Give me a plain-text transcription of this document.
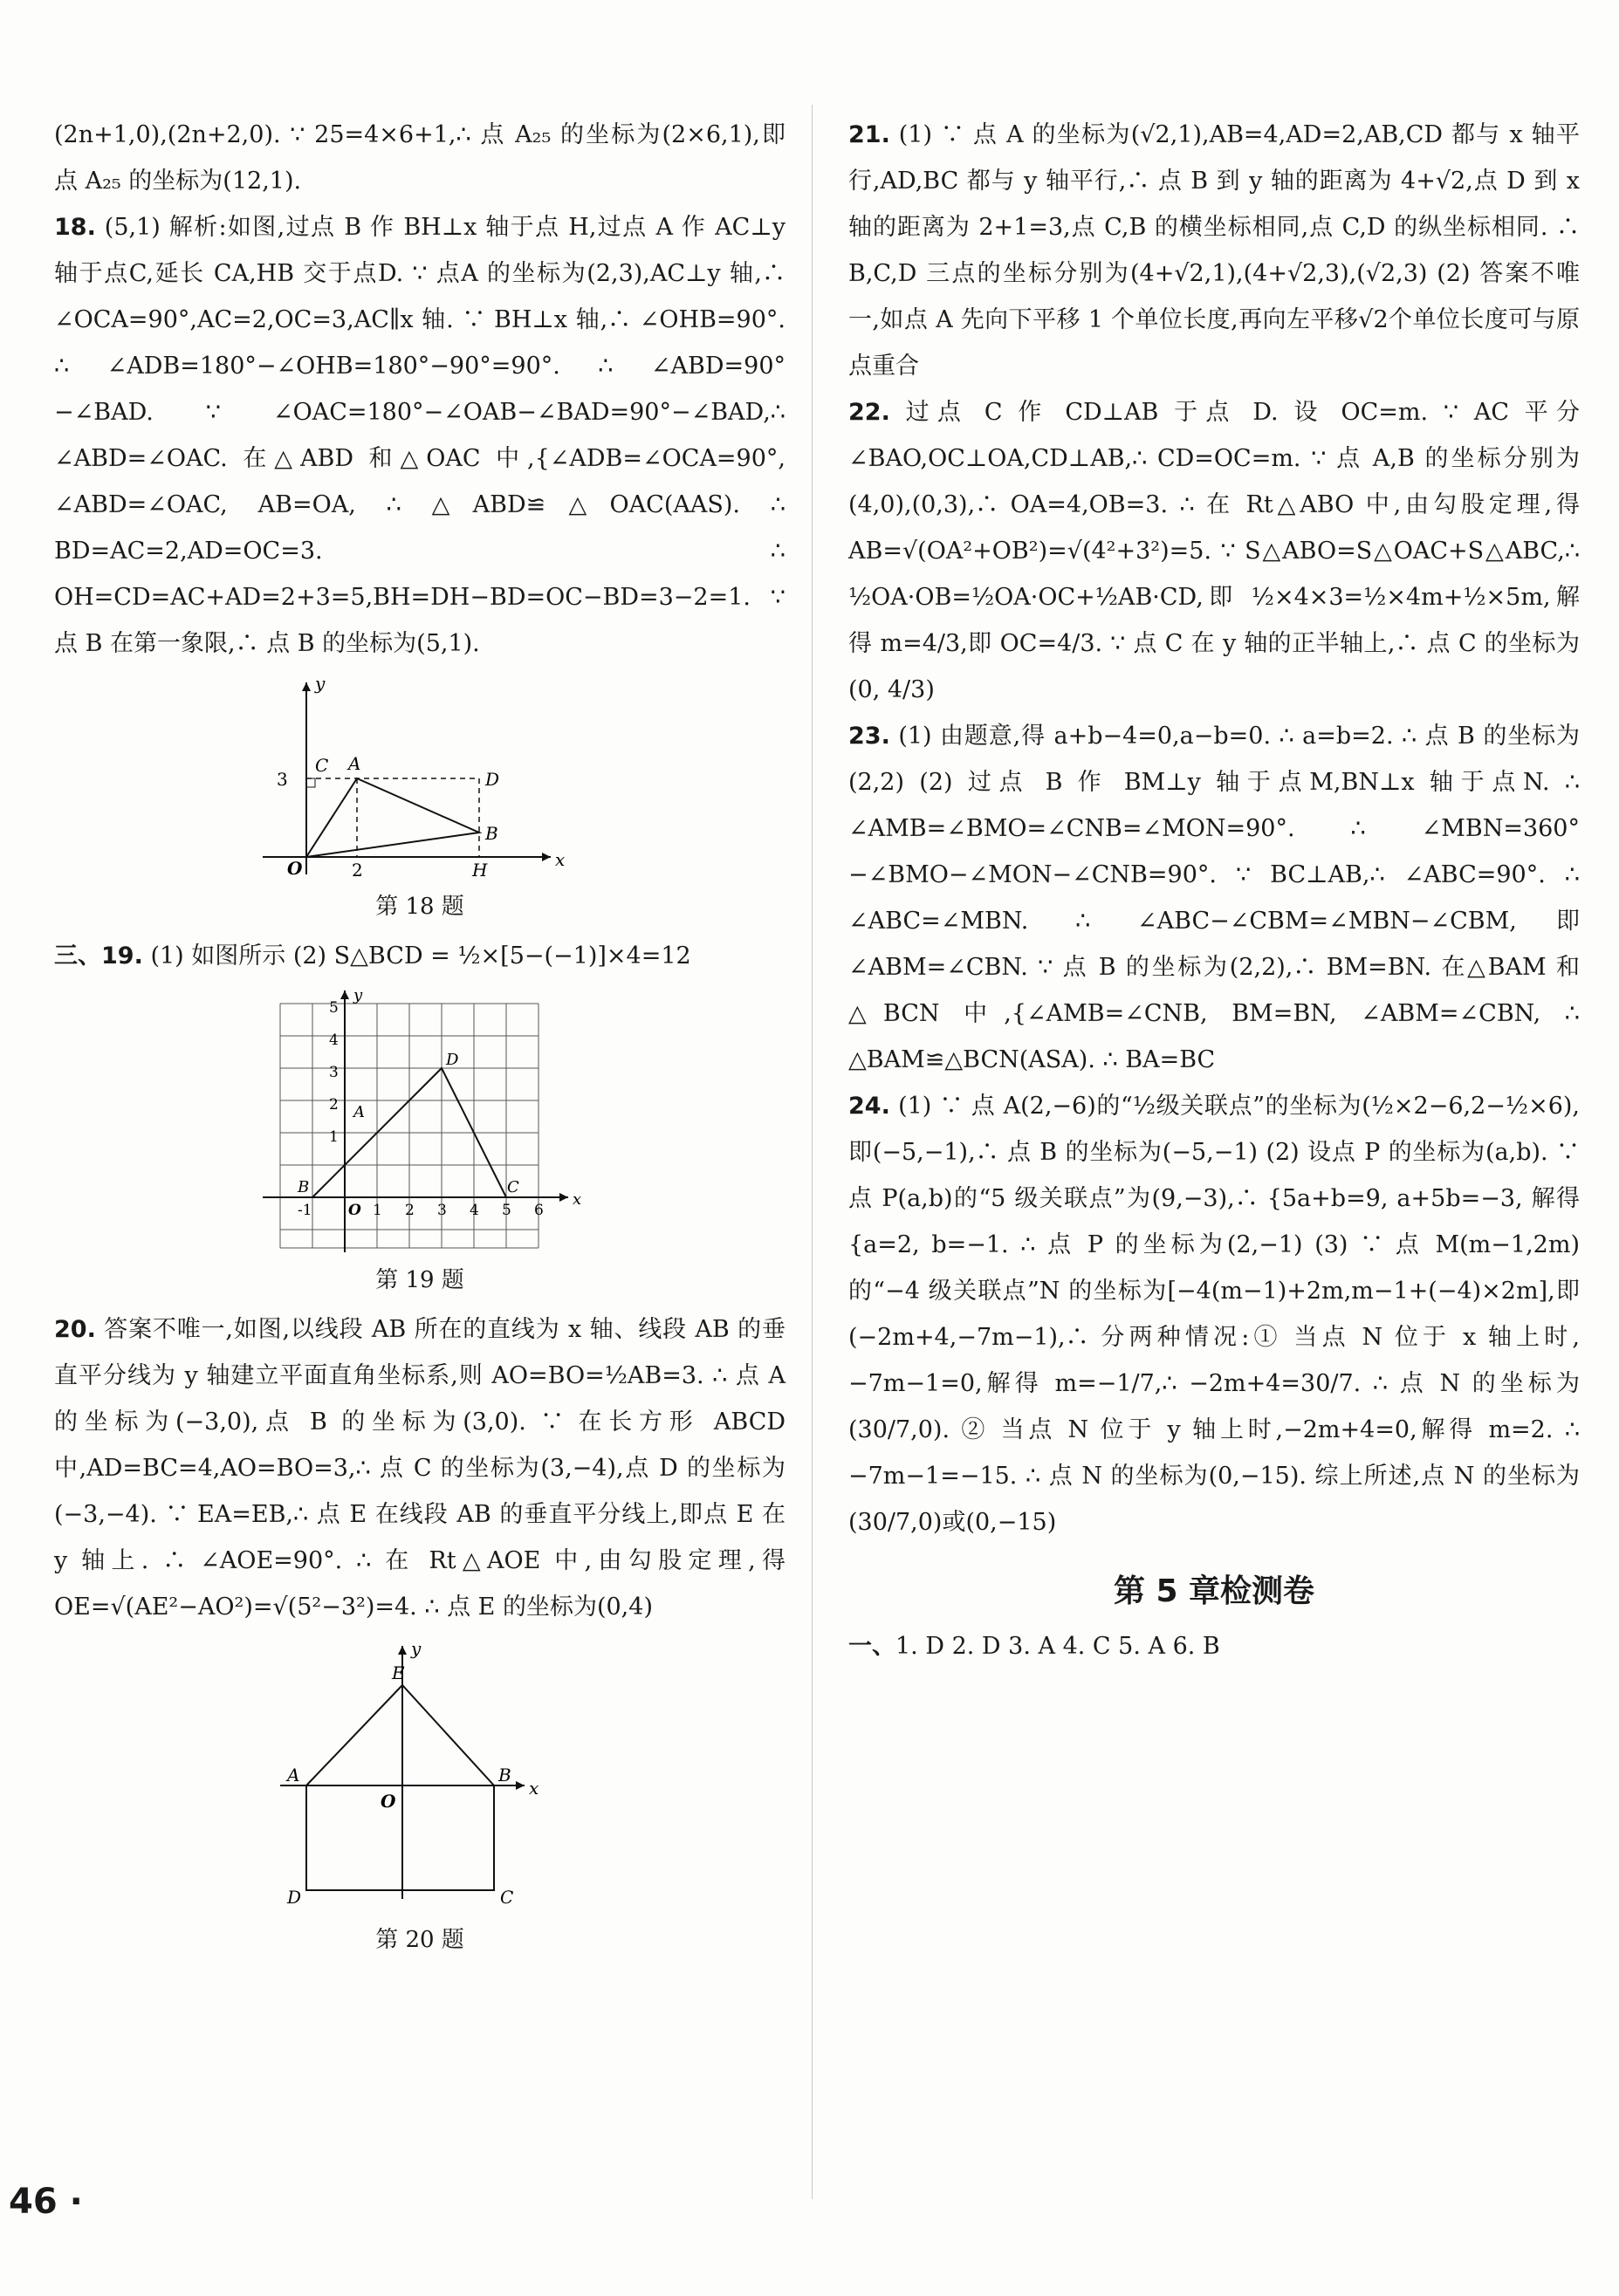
(2n+1,0),(2n+2,0). ∵ 25=4×6+1,∴ 点 A₂₅ 的坐标为(2×6,1),即点 A₂₅ 的坐标为(12,1).

18. (5,1) 解析:如图,过点 B 作 BH⊥x 轴于点 H,过点 A 作 AC⊥y 轴于点C,延长 CA,HB 交于点D. ∵ 点A 的坐标为(2,3),AC⊥y 轴,∴ ∠OCA=90°,AC=2,OC=3,AC∥x 轴. ∵ BH⊥x 轴,∴ ∠OHB=90°. ∴ ∠ADB=180°−∠OHB=180°−90°=90°. ∴ ∠ABD=90°−∠BAD. ∵ ∠OAC=180°−∠OAB−∠BAD=90°−∠BAD,∴ ∠ABD=∠OAC. 在△ABD 和△OAC 中,{∠ADB=∠OCA=90°, ∠ABD=∠OAC, AB=OA, ∴ △ABD≌△OAC(AAS). ∴ BD=AC=2,AD=OC=3. ∴ OH=CD=AC+AD=2+3=5,BH=DH−BD=OC−BD=3−2=1. ∵ 点 B 在第一象限,∴ 点 B 的坐标为(5,1).

y
x
O
3
C A
D
B
2	H
第 18 题

三、19. (1) 如图所示 (2) S△BCD = ½×[5−(−1)]×4=12

y
x
5
4
3
2
1
-1 O 1 2 3 4 5 6
D
A
B	C
第 19 题

20. 答案不唯一,如图,以线段 AB 所在的直线为 x 轴、线段 AB 的垂直平分线为 y 轴建立平面直角坐标系,则 AO=BO=½AB=3. ∴ 点 A 的坐标为(−3,0),点 B 的坐标为(3,0). ∵ 在长方形 ABCD 中,AD=BC=4,AO=BO=3,∴ 点 C 的坐标为(3,−4),点 D 的坐标为(−3,−4). ∵ EA=EB,∴ 点 E 在线段 AB 的垂直平分线上,即点 E 在 y 轴上. ∴ ∠AOE=90°. ∴ 在 Rt△AOE 中,由勾股定理,得 OE=√(AE²−AO²)=√(5²−3²)=4. ∴ 点 E 的坐标为(0,4)

y
x
E
A	B
O
D	C
第 20 题

21. (1) ∵ 点 A 的坐标为(√2,1),AB=4,AD=2,AB,CD 都与 x 轴平行,AD,BC 都与 y 轴平行,∴ 点 B 到 y 轴的距离为 4+√2,点 D 到 x 轴的距离为 2+1=3,点 C,B 的横坐标相同,点 C,D 的纵坐标相同. ∴ B,C,D 三点的坐标分别为(4+√2,1),(4+√2,3),(√2,3) (2) 答案不唯一,如点 A 先向下平移 1 个单位长度,再向左平移√2个单位长度可与原点重合

22. 过点 C 作 CD⊥AB 于点 D. 设 OC=m. ∵ AC 平分∠BAO,OC⊥OA,CD⊥AB,∴ CD=OC=m. ∵ 点 A,B 的坐标分别为(4,0),(0,3),∴ OA=4,OB=3. ∴ 在 Rt△ABO 中,由勾股定理,得 AB=√(OA²+OB²)=√(4²+3²)=5. ∵ S△ABO=S△OAC+S△ABC,∴ ½OA·OB=½OA·OC+½AB·CD,即 ½×4×3=½×4m+½×5m,解得 m=4/3,即 OC=4/3. ∵ 点 C 在 y 轴的正半轴上,∴ 点 C 的坐标为(0, 4/3)

23. (1) 由题意,得 a+b−4=0,a−b=0. ∴ a=b=2. ∴ 点 B 的坐标为(2,2) (2) 过点 B 作 BM⊥y 轴于点M,BN⊥x 轴于点N. ∴ ∠AMB=∠BMO=∠CNB=∠MON=90°. ∴ ∠MBN=360°−∠BMO−∠MON−∠CNB=90°. ∵ BC⊥AB,∴ ∠ABC=90°. ∴ ∠ABC=∠MBN. ∴ ∠ABC−∠CBM=∠MBN−∠CBM,即∠ABM=∠CBN. ∵ 点 B 的坐标为(2,2),∴ BM=BN. 在△BAM 和△BCN 中,{∠AMB=∠CNB, BM=BN, ∠ABM=∠CBN, ∴ △BAM≌△BCN(ASA). ∴ BA=BC

24. (1) ∵ 点 A(2,−6)的“½级关联点”的坐标为(½×2−6,2−½×6),即(−5,−1),∴ 点 B 的坐标为(−5,−1) (2) 设点 P 的坐标为(a,b). ∵ 点 P(a,b)的“5 级关联点”为(9,−3),∴ {5a+b=9, a+5b=−3, 解得 {a=2, b=−1. ∴ 点 P 的坐标为(2,−1) (3) ∵ 点 M(m−1,2m)的“−4 级关联点”N 的坐标为[−4(m−1)+2m,m−1+(−4)×2m],即(−2m+4,−7m−1),∴ 分两种情况:① 当点 N 位于 x 轴上时,−7m−1=0,解得 m=−1/7,∴ −2m+4=30/7. ∴ 点 N 的坐标为(30/7,0). ② 当点 N 位于 y 轴上时,−2m+4=0,解得 m=2. ∴ −7m−1=−15. ∴ 点 N 的坐标为(0,−15). 综上所述,点 N 的坐标为(30/7,0)或(0,−15)

第 5 章检测卷

一、1. D 2. D 3. A 4. C 5. A 6. B

46 ·
